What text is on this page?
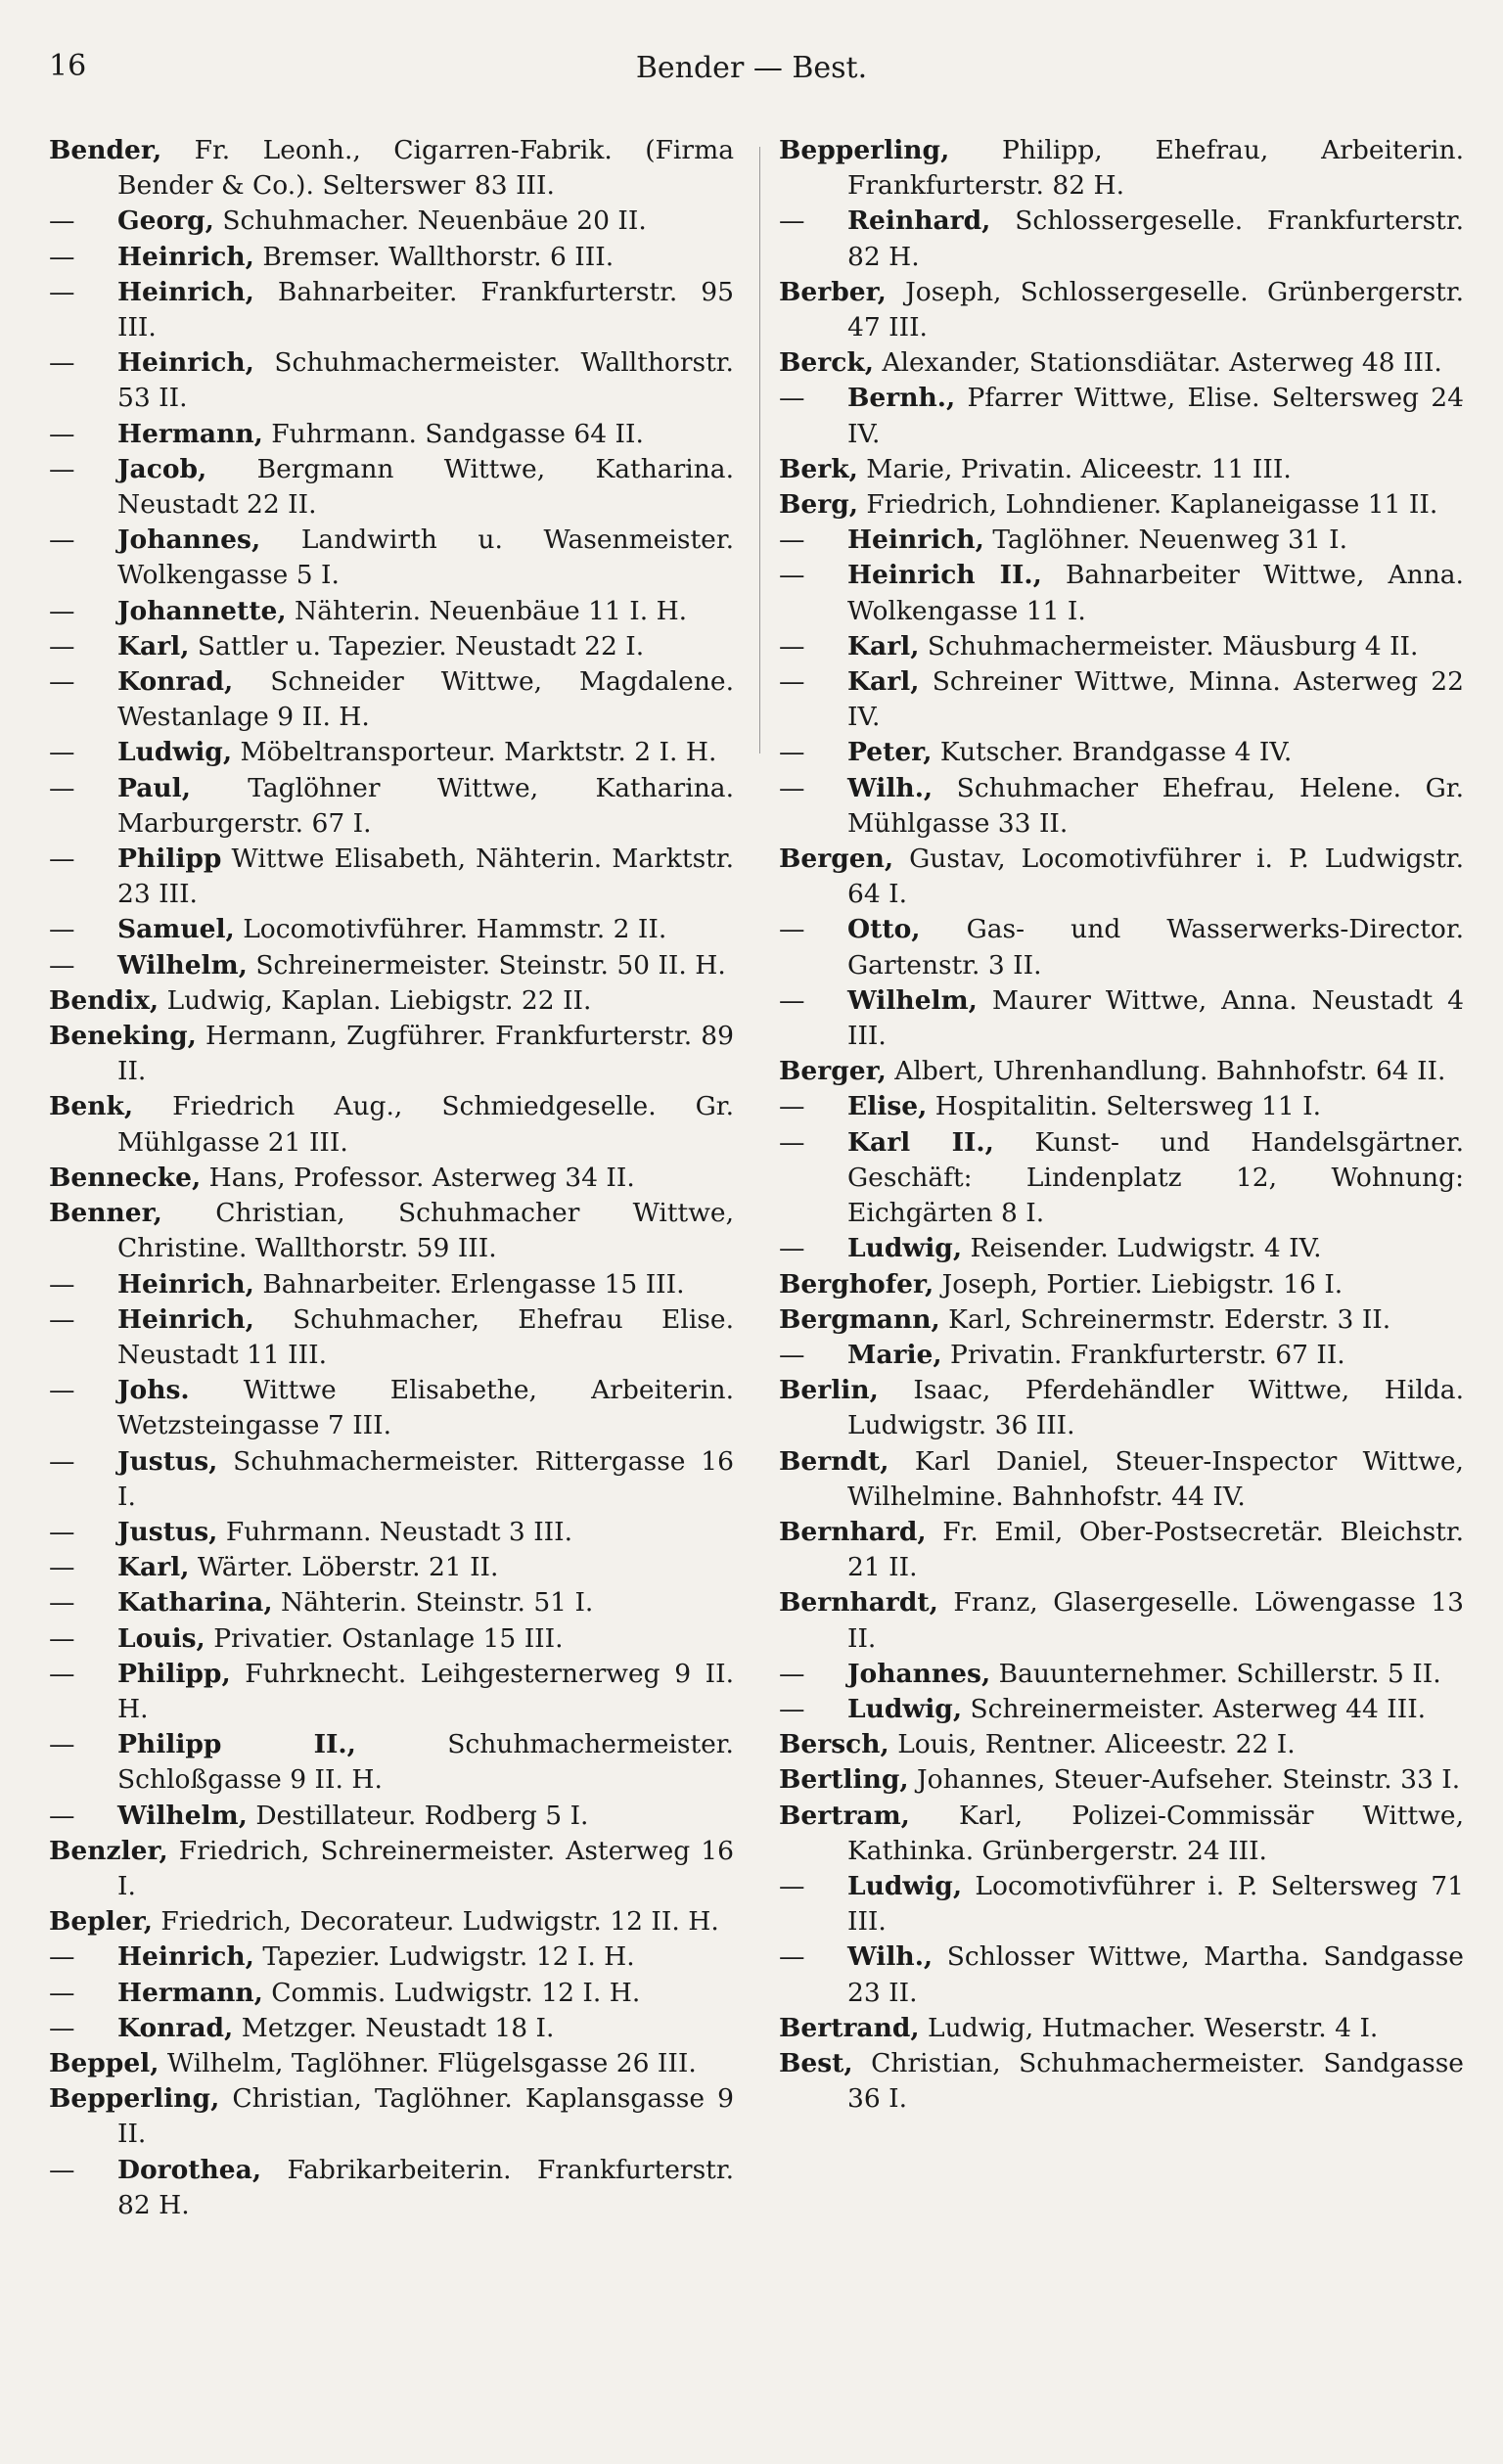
16	Bender — Best.
Bender, Fr. Leonh., Cigarren-Fabrik. (Firma Bender & Co.). Selterswег 83 III.
— Georg, Schuhmacher. Neuenbäue 20 II.
— Heinrich, Bremser. Wallthorstr. 6 III.
— Heinrich, Bahnarbeiter. Frankfurterstr. 95 III.
— Heinrich, Schuhmachermeister. Wallthorstr. 53 II.
— Hermann, Fuhrmann. Sandgasse 64 II.
— Jacob, Bergmann Wittwe, Katharina. Neustadt 22 II.
— Johannes, Landwirth u. Wasenmeister. Wolkengasse 5 I.
— Johannette, Nähterin. Neuenbäue 11 I. H.
— Karl, Sattler u. Tapezier. Neustadt 22 I.
— Konrad, Schneider Wittwe, Magdalene. Westanlage 9 II. H.
— Ludwig, Möbeltransporteur. Marktstr. 2 I. H.
— Paul, Taglöhner Wittwe, Katharina. Marburgerstr. 67 I.
— Philipp Wittwe Elisabeth, Nähterin. Marktstr. 23 III.
— Samuel, Locomotivführer. Hammstr. 2 II.
— Wilhelm, Schreinermeister. Steinstr. 50 II. H.
Bendix, Ludwig, Kaplan. Liebigstr. 22 II.
Beneking, Hermann, Zugführer. Frankfurterstr. 89 II.
Benk, Friedrich Aug., Schmiedgeselle. Gr. Mühlgasse 21 III.
Bennecke, Hans, Professor. Asterweg 34 II.
Benner, Christian, Schuhmacher Wittwe, Christine. Wallthorstr. 59 III.
— Heinrich, Bahnarbeiter. Erlengasse 15 III.
— Heinrich, Schuhmacher, Ehefrau Elise. Neustadt 11 III.
— Johs. Wittwe Elisabethe, Arbeiterin. Wetzsteingasse 7 III.
— Justus, Schuhmachermeister. Rittergasse 16 I.
— Justus, Fuhrmann. Neustadt 3 III.
— Karl, Wärter. Löberstr. 21 II.
— Katharina, Nähterin. Steinstr. 51 I.
— Louis, Privatier. Ostanlage 15 III.
— Philipp, Fuhrknecht. Leihgesternerweg 9 II. H.
— Philipp II., Schuhmachermeister. Schloßgasse 9 II. H.
— Wilhelm, Destillateur. Rodberg 5 I.
Benzler, Friedrich, Schreinermeister. Asterweg 16 I.
Bepler, Friedrich, Decorateur. Ludwigstr. 12 II. H.
— Heinrich, Tapezier. Ludwigstr. 12 I. H.
— Hermann, Commis. Ludwigstr. 12 I. H.
— Konrad, Metzger. Neustadt 18 I.
Beppel, Wilhelm, Taglöhner. Flügelsgasse 26 III.
Bepperling, Christian, Taglöhner. Kaplansgasse 9 II.
— Dorothea, Fabrikarbeiterin. Frankfurterstr. 82 H.
Bepperling, Philipp, Ehefrau, Arbeiterin. Frankfurterstr. 82 H.
— Reinhard, Schlossergeselle. Frankfurterstr. 82 H.
Berber, Joseph, Schlossergeselle. Grünbergerstr. 47 III.
Berck, Alexander, Stationsdiätar. Asterweg 48 III.
— Bernh., Pfarrer Wittwe, Elise. Seltersweg 24 IV.
Berk, Marie, Privatin. Aliceestr. 11 III.
Berg, Friedrich, Lohndiener. Kaplaneigasse 11 II.
— Heinrich, Taglöhner. Neuenweg 31 I.
— Heinrich II., Bahnarbeiter Wittwe, Anna. Wolkengasse 11 I.
— Karl, Schuhmachermeister. Mäusburg 4 II.
— Karl, Schreiner Wittwe, Minna. Asterweg 22 IV.
— Peter, Kutscher. Brandgasse 4 IV.
— Wilh., Schuhmacher Ehefrau, Helene. Gr. Mühlgasse 33 II.
Bergen, Gustav, Locomotivführer i. P. Ludwigstr. 64 I.
— Otto, Gas- und Wasserwerks-Director. Gartenstr. 3 II.
— Wilhelm, Maurer Wittwe, Anna. Neustadt 4 III.
Berger, Albert, Uhrenhandlung. Bahnhofstr. 64 II.
— Elise, Hospitalitin. Seltersweg 11 I.
— Karl II., Kunst- und Handelsgärtner. Geschäft: Lindenplatz 12, Wohnung: Eichgärten 8 I.
— Ludwig, Reisender. Ludwigstr. 4 IV.
Berghofer, Joseph, Portier. Liebigstr. 16 I.
Bergmann, Karl, Schreinermstr. Ederstr. 3 II.
— Marie, Privatin. Frankfurterstr. 67 II.
Berlin, Isaac, Pferdehändler Wittwe, Hilda. Ludwigstr. 36 III.
Berndt, Karl Daniel, Steuer-Inspector Wittwe, Wilhelmine. Bahnhofstr. 44 IV.
Bernhard, Fr. Emil, Ober-Postsecretär. Bleichstr. 21 II.
Bernhardt, Franz, Glasergeselle. Löwengasse 13 II.
— Johannes, Bauunternehmer. Schillerstr. 5 II.
— Ludwig, Schreinermeister. Asterweg 44 III.
Bersch, Louis, Rentner. Aliceestr. 22 I.
Bertling, Johannes, Steuer-Aufseher. Steinstr. 33 I.
Bertram, Karl, Polizei-Commissär Wittwe, Kathinka. Grünbergerstr. 24 III.
— Ludwig, Locomotivführer i. P. Seltersweg 71 III.
— Wilh., Schlosser Wittwe, Martha. Sandgasse 23 II.
Bertrand, Ludwig, Hutmacher. Weserstr. 4 I.
Best, Christian, Schuhmachermeister. Sandgasse 36 I.
